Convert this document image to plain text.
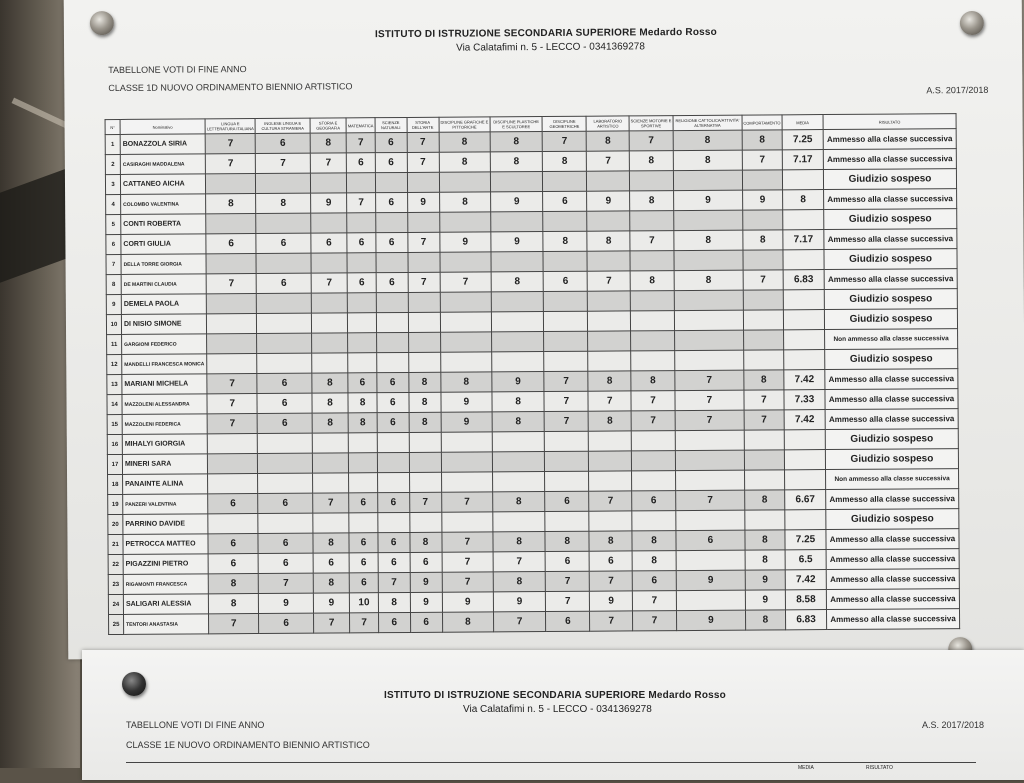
ISTITUTO DI ISTRUZIONE SECONDARIA SUPERIORE Medardo Rosso
Via Calatafimi n. 5 - LECCO - 0341369278
TABELLONE VOTI DI FINE ANNO
CLASSE 1D NUOVO ORDINAMENTO BIENNIO ARTISTICO	A.S. 2017/2018
N°	Nominativo	LINGUA E LETTERATURA ITALIANA	INGLESE LINGUA E CULTURA STRANIERA	STORIA E GEOGRAFIA	MATEMATICA	SCIENZE NATURALI	STORIA DELL'ARTE	DISCIPLINE GRAFICHE E PITTORICHE	DISCIPLINE PLASTICHE E SCULTOREE	DISCIPLINE GEOMETRICHE	LABORATORIO ARTISTICO	SCIENZE MOTORIE E SPORTIVE	RELIGIONE CATTOLICA/ATTIVITA' ALTERNATIVA	COMPORTAMENTO	MEDIA	RISULTATO
1	BONAZZOLA SIRIA	7	6	8	7	6	7	8	8	7	8	7	8	8	7.25	Ammesso alla classe successiva
2	CASIRAGHI MADDALENA	7	7	7	6	6	7	8	8	8	7	8	8	7	7.17	Ammesso alla classe successiva
3	CATTANEO AICHA															Giudizio sospeso
4	COLOMBO VALENTINA	8	8	9	7	6	9	8	9	6	9	8	9	9	8	Ammesso alla classe successiva
5	CONTI ROBERTA															Giudizio sospeso
6	CORTI GIULIA	6	6	6	6	6	7	9	9	8	8	7	8	8	7.17	Ammesso alla classe successiva
7	DELLA TORRE GIORGIA															Giudizio sospeso
8	DE MARTINI CLAUDIA	7	6	7	6	6	7	7	8	6	7	8	8	7	6.83	Ammesso alla classe successiva
9	DEMELA PAOLA															Giudizio sospeso
10	DI NISIO SIMONE															Giudizio sospeso
11	GARGIONI FEDERICO															Non ammesso alla classe successiva
12	MANDELLI FRANCESCA MONICA															Giudizio sospeso
13	MARIANI MICHELA	7	6	8	6	6	8	8	9	7	8	8	7	8	7.42	Ammesso alla classe successiva
14	MAZZOLENI ALESSANDRA	7	6	8	8	6	8	9	8	7	7	7	7	7	7.33	Ammesso alla classe successiva
15	MAZZOLENI FEDERICA	7	6	8	8	6	8	9	8	7	8	7	7	7	7.42	Ammesso alla classe successiva
16	MIHALYI GIORGIA															Giudizio sospeso
17	MINERI SARA															Giudizio sospeso
18	PANAINTE ALINA															Non ammesso alla classe successiva
19	PANZERI VALENTINA	6	6	7	6	6	7	7	8	6	7	6	7	8	6.67	Ammesso alla classe successiva
20	PARRINO DAVIDE															Giudizio sospeso
21	PETROCCA MATTEO	6	6	8	6	6	8	7	8	8	8	8	6	8	7.25	Ammesso alla classe successiva
22	PIGAZZINI PIETRO	6	6	6	6	6	6	7	7	6	6	8		8	6.5	Ammesso alla classe successiva
23	RIGAMONTI FRANCESCA	8	7	8	6	7	9	7	8	7	7	6	9	9	7.42	Ammesso alla classe successiva
24	SALIGARI ALESSIA	8	9	9	10	8	9	9	9	7	9	7		9	8.58	Ammesso alla classe successiva
25	TENTORI ANASTASIA	7	6	7	7	6	6	8	7	6	7	7	9	8	6.83	Ammesso alla classe successiva
ISTITUTO DI ISTRUZIONE SECONDARIA SUPERIORE Medardo Rosso
Via Calatafimi n. 5 - LECCO - 0341369278
TABELLONE VOTI DI FINE ANNO
CLASSE 1E NUOVO ORDINAMENTO BIENNIO ARTISTICO
A.S. 2017/2018
MEDIA	RISULTATO
